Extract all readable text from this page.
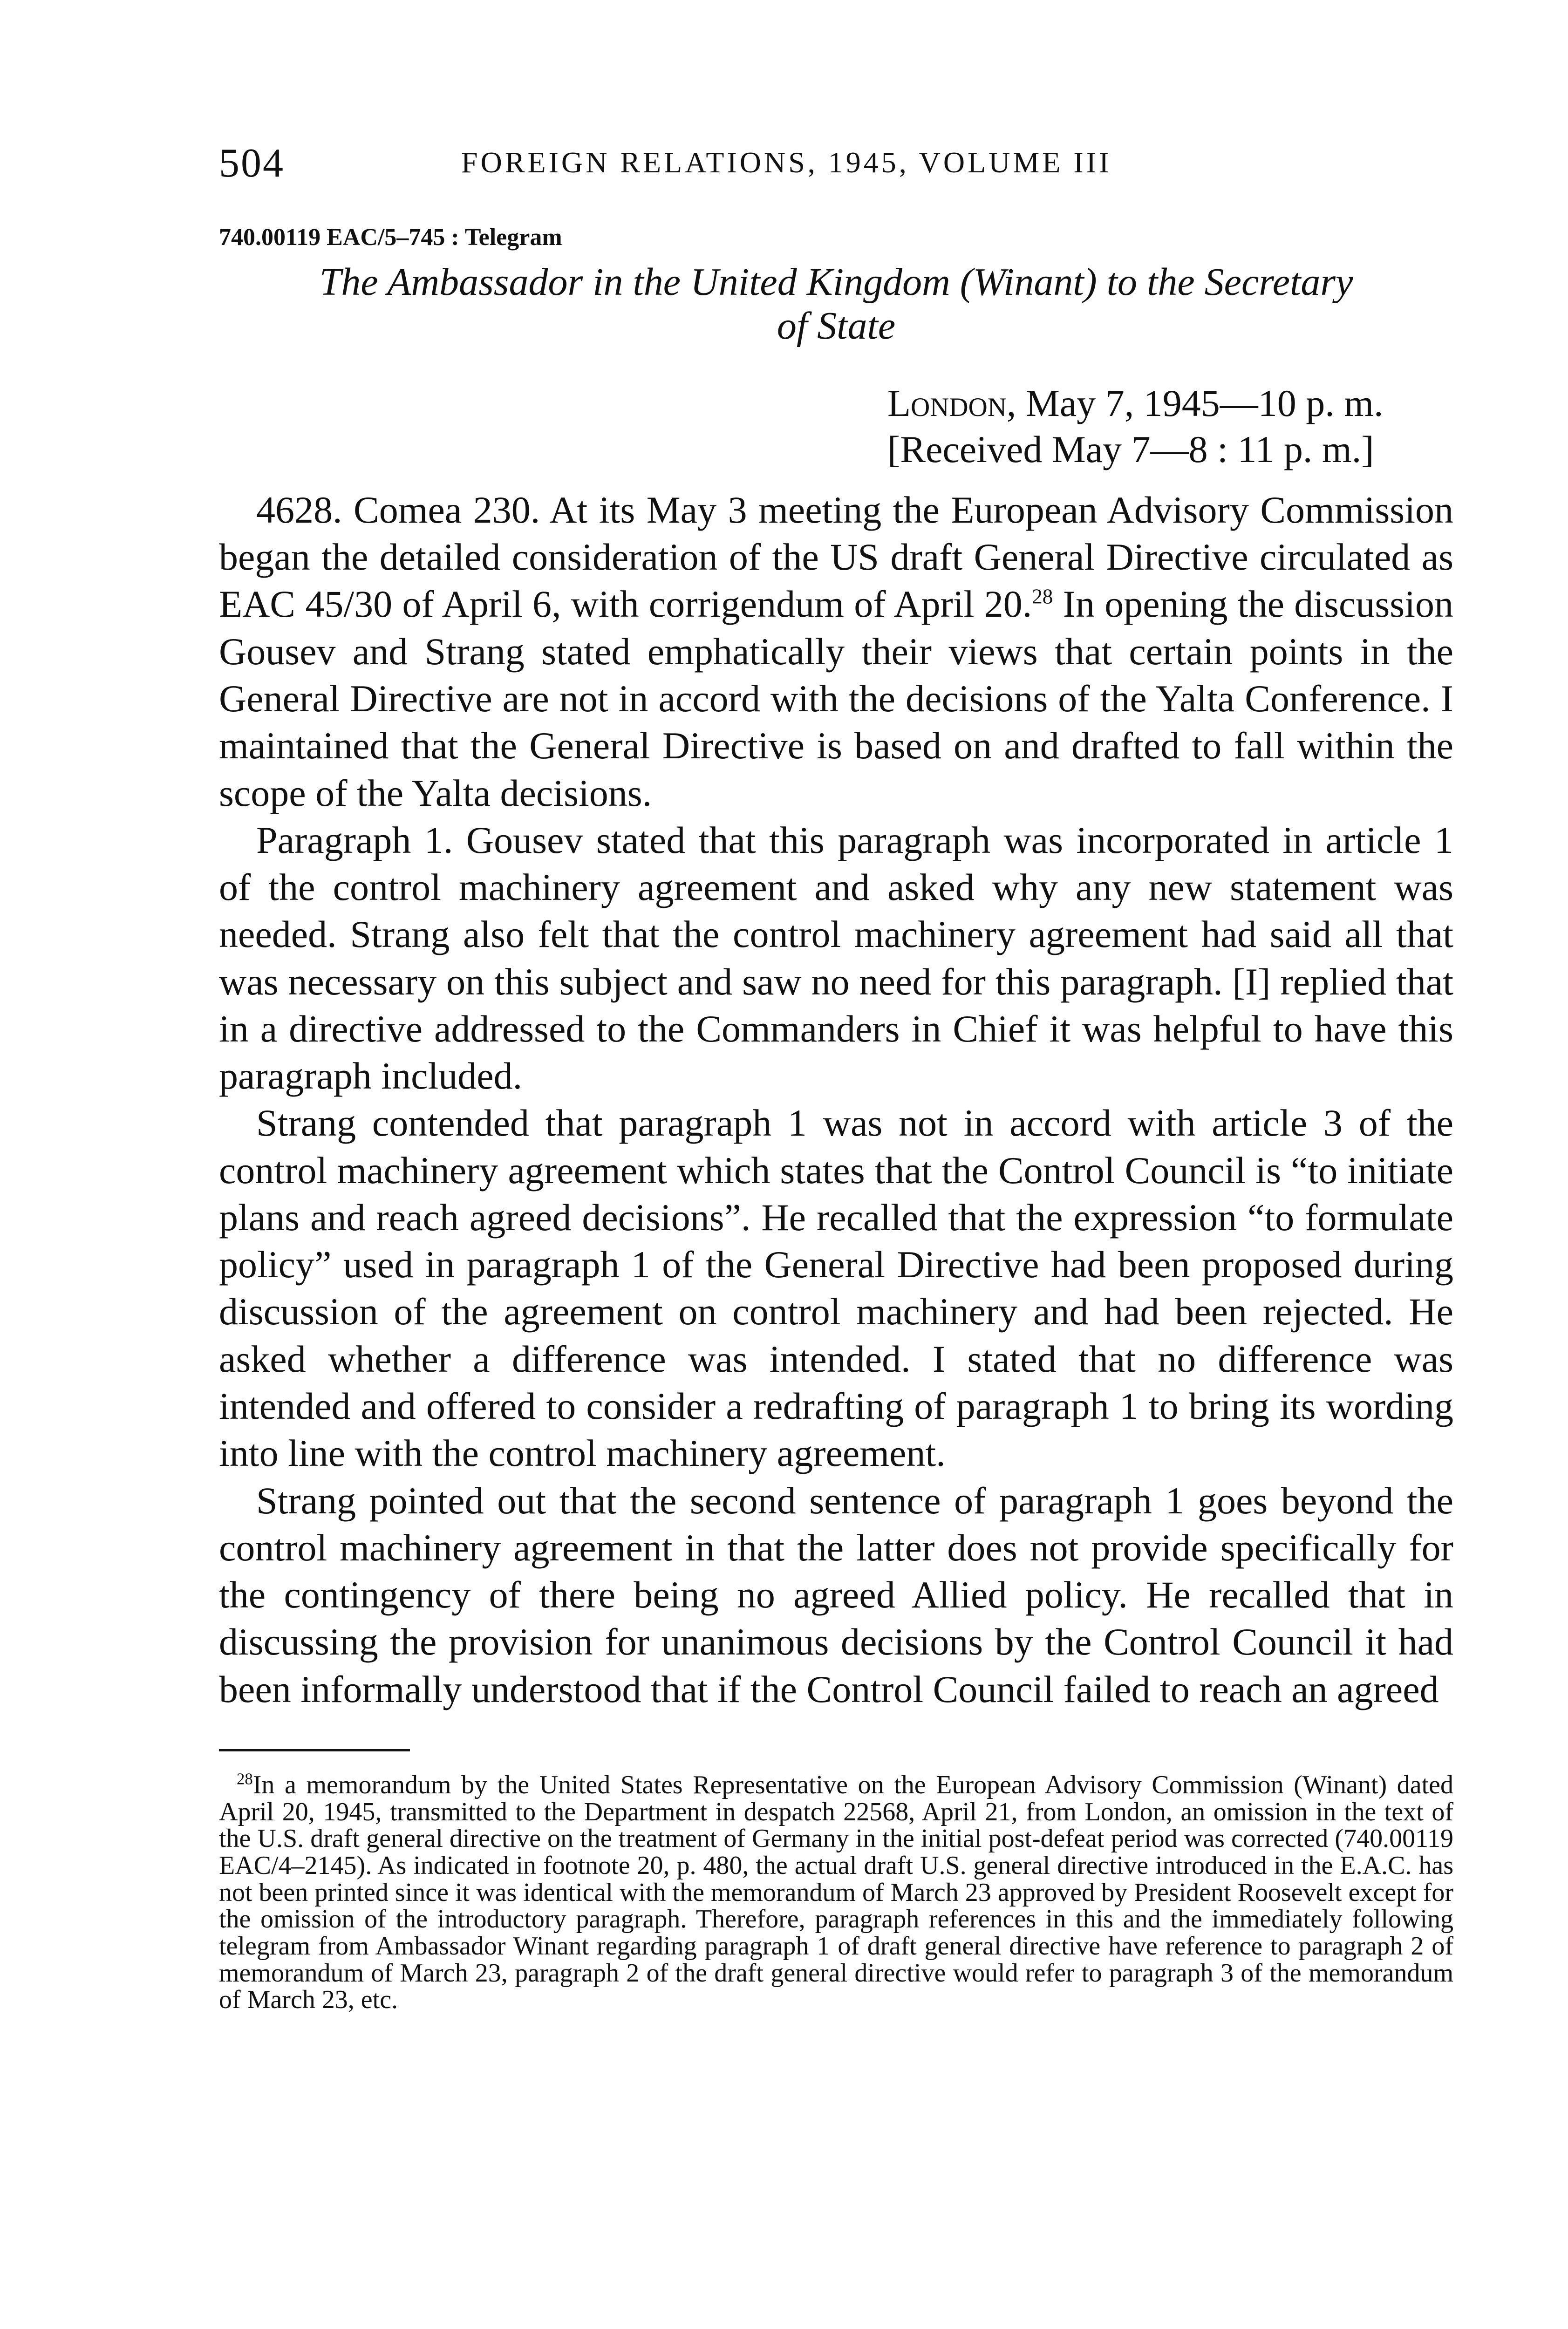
504	FOREIGN RELATIONS, 1945, VOLUME III
740.00119 EAC/5–745 : Telegram
The Ambassador in the United Kingdom (Winant) to the Secretary
of State
London, May 7, 1945—10 p. m.
[Received May 7—8 : 11 p. m.]

4628. Comea 230. At its May 3 meeting the European Advisory Commission began the detailed consideration of the US draft General Directive circulated as EAC 45/30 of April 6, with corrigendum of April 20.28 In opening the discussion Gousev and Strang stated emphatically their views that certain points in the General Directive are not in accord with the decisions of the Yalta Conference. I maintained that the General Directive is based on and drafted to fall within the scope of the Yalta decisions.

Paragraph 1. Gousev stated that this paragraph was incorporated in article 1 of the control machinery agreement and asked why any new statement was needed. Strang also felt that the control machinery agreement had said all that was necessary on this subject and saw no need for this paragraph. [I] replied that in a directive addressed to the Commanders in Chief it was helpful to have this paragraph included.

Strang contended that paragraph 1 was not in accord with article 3 of the control machinery agreement which states that the Control Council is “to initiate plans and reach agreed decisions”. He recalled that the expression “to formulate policy” used in paragraph 1 of the General Directive had been proposed during discussion of the agreement on control machinery and had been rejected. He asked whether a difference was intended. I stated that no difference was intended and offered to consider a redrafting of paragraph 1 to bring its wording into line with the control machinery agreement.

Strang pointed out that the second sentence of paragraph 1 goes beyond the control machinery agreement in that the latter does not provide specifically for the contingency of there being no agreed Allied policy. He recalled that in discussing the provision for unanimous decisions by the Control Council it had been informally understood that if the Control Council failed to reach an agreed

$^{28}$In a memorandum by the United States Representative on the European Advisory Commission (Winant) dated April 20, 1945, transmitted to the Department in despatch 22568, April 21, from London, an omission in the text of the U.S. draft general directive on the treatment of Germany in the initial post-defeat period was corrected (740.00119 EAC/4–2145). As indicated in footnote 20, p. 480, the actual draft U.S. general directive introduced in the E.A.C. has not been printed since it was identical with the memorandum of March 23 approved by President Roosevelt except for the omission of the introductory paragraph. Therefore, paragraph references in this and the immediately following telegram from Ambassador Winant regarding paragraph 1 of draft general directive have reference to paragraph 2 of memorandum of March 23, paragraph 2 of the draft general directive would refer to paragraph 3 of the memorandum of March 23, etc.
